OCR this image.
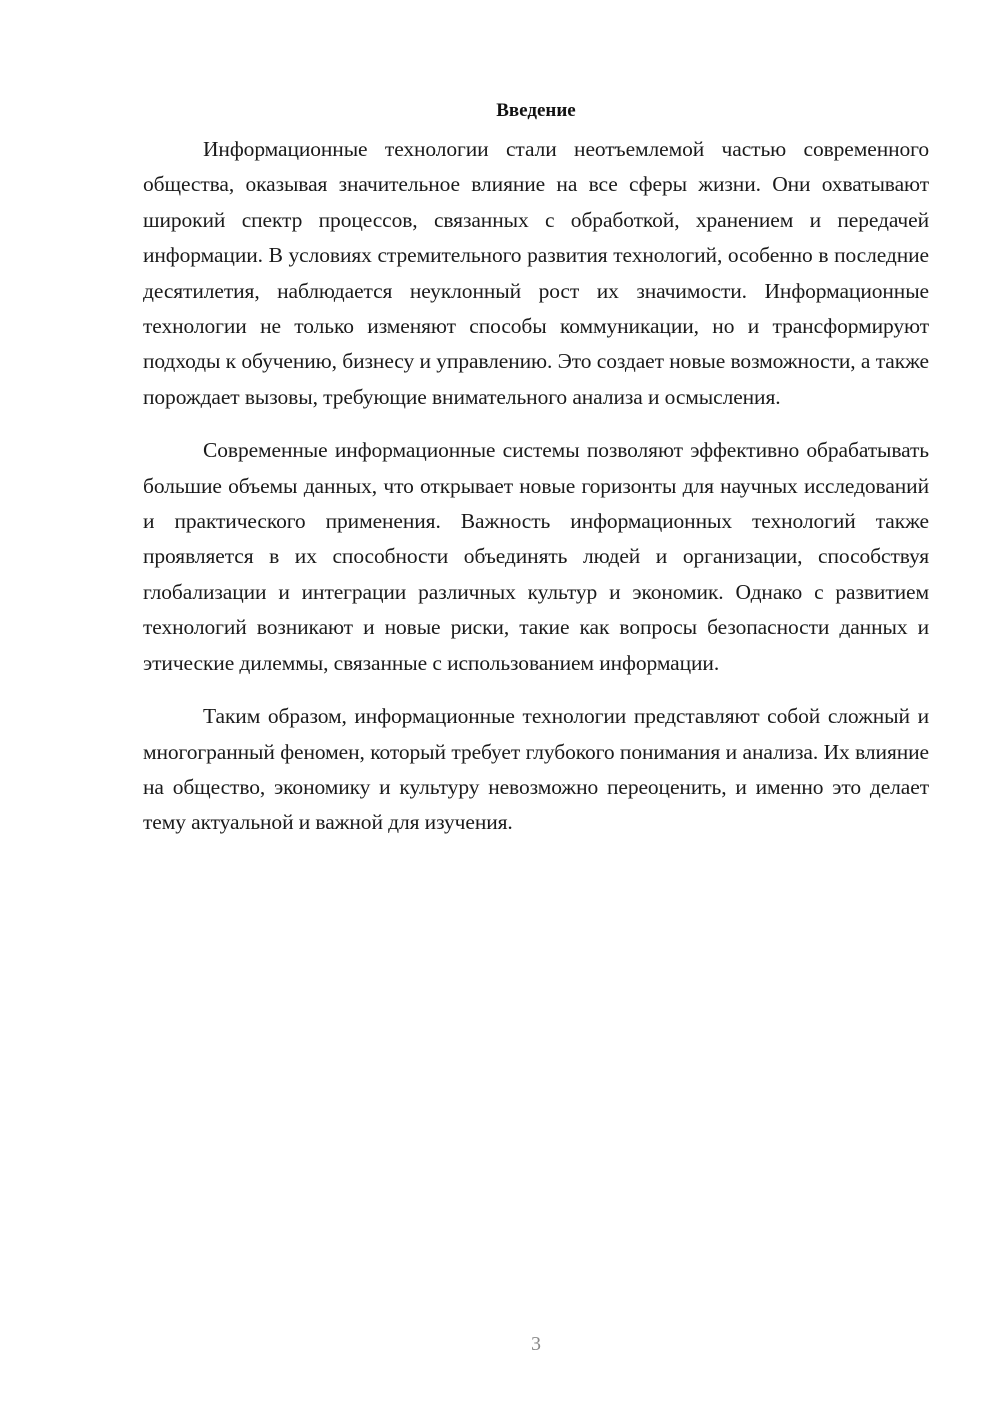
Введение

Информационные технологии стали неотъемлемой частью современного общества, оказывая значительное влияние на все сферы жизни. Они охватывают широкий спектр процессов, связанных с обработкой, хранением и передачей информации. В условиях стремительного развития технологий, особенно в последние десятилетия, наблюдается неуклонный рост их значимости. Информационные технологии не только изменяют способы коммуникации, но и трансформируют подходы к обучению, бизнесу и управлению. Это создает новые возможности, а также порождает вызовы, требующие внимательного анализа и осмысления.

Современные информационные системы позволяют эффективно обрабатывать большие объемы данных, что открывает новые горизонты для научных исследований и практического применения. Важность информационных технологий также проявляется в их способности объединять людей и организации, способствуя глобализации и интеграции различных культур и экономик. Однако с развитием технологий возникают и новые риски, такие как вопросы безопасности данных и этические дилеммы, связанные с использованием информации.

Таким образом, информационные технологии представляют собой сложный и многогранный феномен, который требует глубокого понимания и анализа. Их влияние на общество, экономику и культуру невозможно переоценить, и именно это делает тему актуальной и важной для изучения.

3
